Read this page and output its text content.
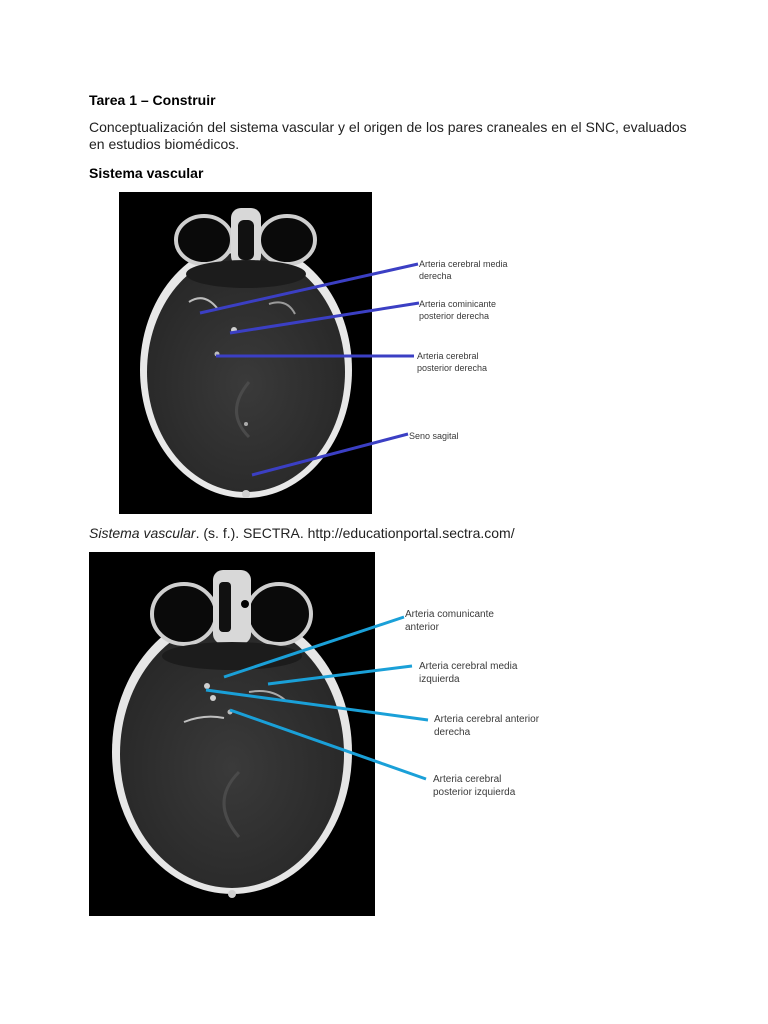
Tarea 1 – Construir
Conceptualización del sistema vascular y el origen de los pares craneales en el SNC, evaluados en estudios biomédicos.
Sistema vascular
Arteria cerebral media
derecha
Arteria cominicante
posterior derecha
Arteria cerebral
posterior derecha
Seno sagital
Sistema vascular. (s. f.). SECTRA. http://educationportal.sectra.com/
Arteria comunicante
anterior
Arteria cerebral media
izquierda
Arteria cerebral anterior
derecha
Arteria cerebral
posterior izquierda
